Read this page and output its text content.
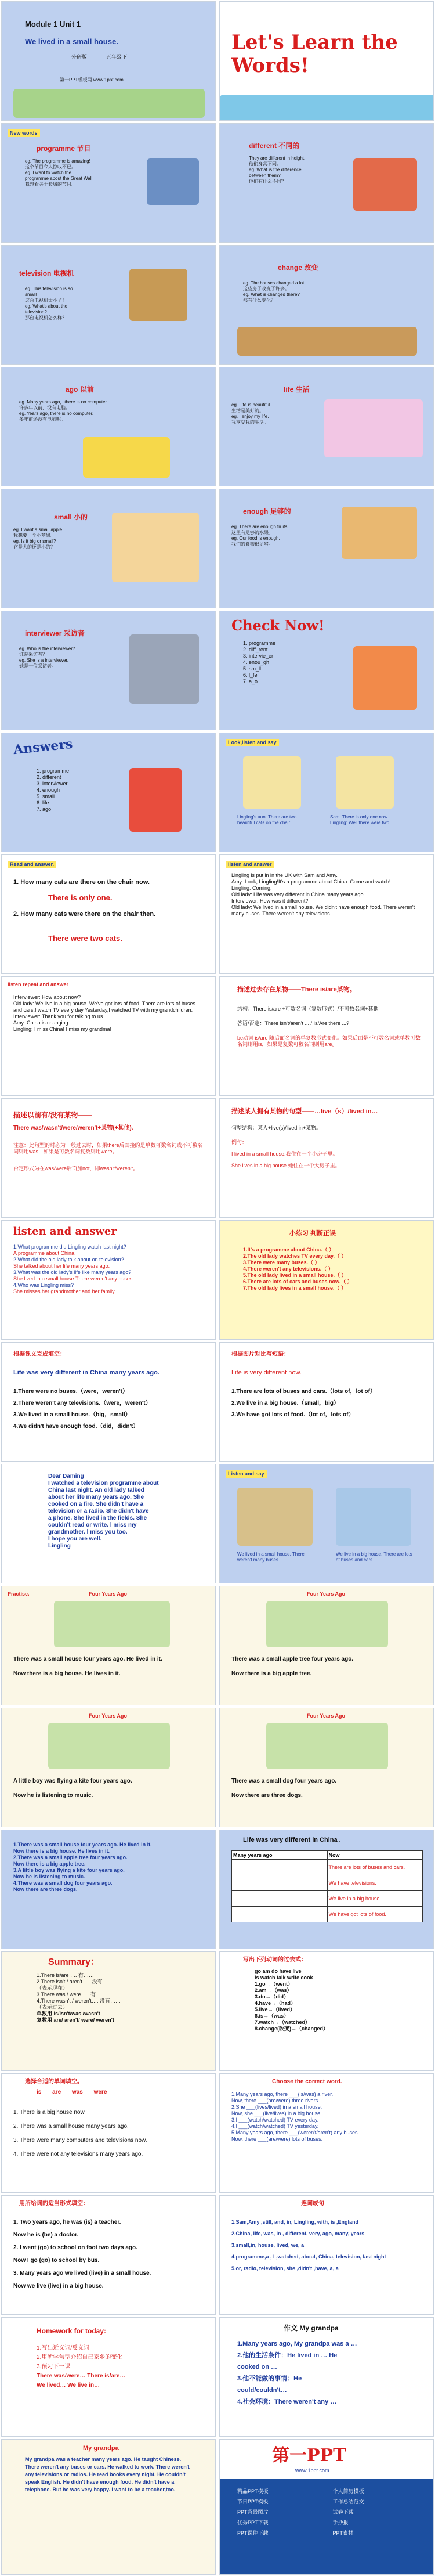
Module 1 Unit 1
We lived in a small house.
外研版	五年级下
第一PPT模板网 www.1ppt.com
Let's Learn the Words!
New words
programme 节目
eg. The programme is amazing!
这个节目令人惊叹不已。
eg. I want to watch the
programme about the Great Wall.
我想看关于长城的节目。
different 不同的
They are different in height.
他们身高不同。
eg. What is the difference
between them?
他们有什么不同？
television 电视机
eg. This television is so
small!
这台电视机太小了！
eg. What's about the
television?
那台电视机怎么样？
change 改变
eg. The houses changed a lot.
这些房子改变了许多。
eg. What is changed there?
那有什么变化？
ago 以前
eg. Many years ago，there is no computer.
许多年以前，没有电脑。
eg. Years ago, there is no computer.
多年前还没有电脑呢。
life 生活
eg. Life is beautiful.
生活是美好的。
eg. I enjoy my life.
我享受我的生活。
small 小的
eg. I want a small apple.
我想要一个小苹果。
eg. Is it big or small?
它是大的还是小的？
enough 足够的
eg. There are enough fruits.
这里有足够的水果。
eg. Our food is enough.
我们的食物很足够。
interviewer 采访者
eg. Who is the interviewer?
谁是采访者？
eg. She is a interviewer.
她是一位采访者。
Check Now!
1. programme
2. diff_rent
3. intervie_er
4. enou_gh
5. sm_ll
6. l_fe
7. a_o
Answers
1. programme
2. different
3. interviewer
4. enough
5. small
6. life
7. ago
Look,listen and say
Lingling's aunt.There are two beautiful cats on the chair.
Sam: There is only one now. Lingling: Well,there were two.
Read and answer.
1. How many cats are there on the chair now.
There is only one.
2. How many cats were there on the chair then.
There were two cats.
listen and answer
Lingling is put in in the UK with Sam and Amy.
Amy: Look, Lingling!It's a programme about China. Come and watch!
Lingling: Coming.
Old lady: Life was very different in China many years ago.
Interviewer: How was it different?
Old lady: We lived in a small house. We didn't have enough food. There weren't many buses. There weren't any televisions.
listen repeat and answer
Interviewer: How about now?
Old lady: We live in a big house. We've got lots of food. There are lots of buses and cars.I watch TV every day.Yesterday,I watched TV with my grandchildren.
Interviewer: Thank you for talking to us.
Amy: China is changing.
Lingling: I miss China! I miss my grandma!
描述过去存在某物——There is/are某物。
结构：There is/are +可数名词（复数形式）/不可数名词+其他
答语/否定：There isn't/aren't ... / Is/Are there ...?
be动词 is/are 随后面名词的单复数形式变化。如果后面是不可数名词或单数可数名词则用is，如果是复数可数名词则用are。
描述以前有/没有某物——
There was/wasn't/were/weren't+某物(+其他).
注意：此句型的时态为一般过去时，如果there后面接的是单数可数名词或不可数名词则用was，如果是可数名词复数则用were。
否定形式为在was/were后面加not，即wasn't/weren't。
描述某人拥有某物的句型——…live（s）/lived in…
句型结构：某人+live(s)/lived in+某物。
例句：
I lived in a small house.我住在一个小房子里。
She lives in a big house.她住在一个大房子里。
listen and answer
1.What programme did Lingling watch last night?
A programme about China.
2.What did the old lady talk about on television?
She talked about her life many years ago.
3.What was the old lady's life like many years ago?
She lived in a small house.There weren't any buses.
4.Who was Lingling miss?
She misses her grandmother and her family.
小练习 判断正误
1.It's a programme about China.（ ）
2.The old lady watches TV every day.（ ）
3.There were many buses.（ ）
4.There weren't any televisions.（ ）
5.The old lady lived in a small house.（ ）
6.There are lots of cars and buses now.（ ）
7.The old lady lives in a small house.（ ）
根据课文完成填空：
Life was very different in China many years ago.
1.There were no buses.（were，weren't）
2.There weren't any televisions.（were，weren't）
3.We lived in a small house.（big，small）
4.We didn't have enough food.（did，didn't）
根据图片对比写短语：
Life is very different now.
1.There are lots of buses and cars.（lots of，lot of）
2.We live in a big house.（small，big）
3.We have got lots of food.（lot of，lots of）
Dear Daming
I watched a television programme about
China last night. An old lady talked
about her life many years ago. She
cooked on a fire. She didn't have a
television or a radio. She didn't have
a phone. She lived in the fields. She
couldn't read or write. I miss my
grandmother. I miss you too.
I hope you are well.
Lingling
Listen and say
We lived in a small house. There weren't many buses.
We live in a big house. There are lots of buses and cars.
Practise.	Four Years Ago
There was a small house four years ago. He lived in it.
Now there is a big house. He lives in it.
Four Years Ago
There was a small apple tree four years ago.
Now there is a big apple tree.
Four Years Ago
A little boy was flying a kite four years ago.
Now he is listening to music.
Four Years Ago
There was a small dog four years ago.
Now there are three dogs.
1.There was a small house four years ago. He lived in it.
Now there is a big house. He lives in it.
2.There was a small apple tree four years ago.
Now there is a big apple tree.
3.A little boy was flying a kite four years ago.
Now he is listening to music.
4.There was a small dog four years ago.
Now there are three dogs.
Life was very different in China .
Many years ago	Now
	There are lots of buses and cars.
	We have televisions.
	We live in a big house.
	We have got lots of food.
Summary：
1.There is/are …. 有……
2.There isn't / aren't …. 没有……
（表示现在）
3.There was / were …. 有……
4.There wasn't / weren't…. 没有……
（表示过去）
单数用 is/isn't/was /wasn't
复数用 are/ aren't/ were/ weren't
写出下列动词的过去式：
go am do have live
is watch talk write cook
1.go→（went）
2.am→（was）
3.do→（did）
4.have→（had）
5.live→（lived）
6.is→（was）
7.watch→（watched）
8.change(改变)→（changed）
选择合适的单词填空。
is are was were
1. There is a big house now.
2. There was a small house many years ago.
3. There were many computers and televisions now.
4. There were not any televisions many years ago.
Choose the correct word.
1.Many years ago, there ___(is/was) a river.
Now, there ___(are/were) three rivers.
2.She ___(lives/lived) in a small house.
Now, she ___(live/lives) in a big house.
3.I ___(watch/watched) TV every day.
4.I ___(watch/watched) TV yesterday.
5.Many years ago, there ___(weren't/aren't) any buses.
Now, there ___(are/were) lots of buses.
用所给词的适当形式填空：
1. Two years ago, he was (is) a teacher.
Now he is (be) a doctor.
2. I went (go) to school on foot two days ago.
Now I go (go) to school by bus.
3. Many years ago we lived (live) in a small house.
Now we live (live) in a big house.
连词成句
1.Sam,Amy ,still, and, in, Lingling, with, is ,England
2.China, life, was, in , different, very, ago, many, years
3.small,in, house, lived, we, a
4.programme,a , I ,watched, about, China, television, last night
5.or, radio, television, she ,didn't ,have, a, a
Homework for today:
1.写出近义词/反义词
2.用所学句型介绍自己家乡的变化
3.预习下一课
There was/were… There is/are…
We lived… We live in…
作文 My grandpa
1.Many years ago, My grandpa was a …
2.他的生活条件：He lived in … He
cooked on …
3.他不能做的事情：He
could/couldn't…
4.社会环境：There weren't any …
My grandpa
My grandpa was a teacher many years ago. He taught Chinese. There weren't any buses or cars. He walked to work. There weren't any televisions or radios. He read books every night. He couldn't speak English. He didn't have enough food. He didn't have a telephone. But he was very happy. I want to be a teacher,too.
第一PPT
www.1ppt.com
精品PPT模板
节日PPT模板
PPT背景图片
优秀PPT下载
PPT课件下载
个人简历模板
工作总结范文
试卷下载
手抄报
PPT素材
